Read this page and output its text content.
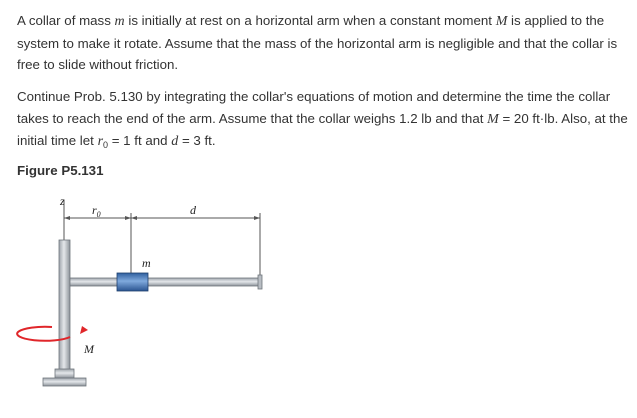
A collar of mass m is initially at rest on a horizontal arm when a constant moment M is applied to the system to make it rotate. Assume that the mass of the horizontal arm is negligible and that the collar is free to slide without friction.

Continue Prob. 5.130 by integrating the collar's equations of motion and determine the time the collar takes to reach the end of the arm. Assume that the collar weighs 1.2 lb and that M = 20 ft·lb. Also, at the initial time let $r_0 = 1$ ft and d = 3 ft.

Figure P5.131

z
$r_0$	d
m
M
